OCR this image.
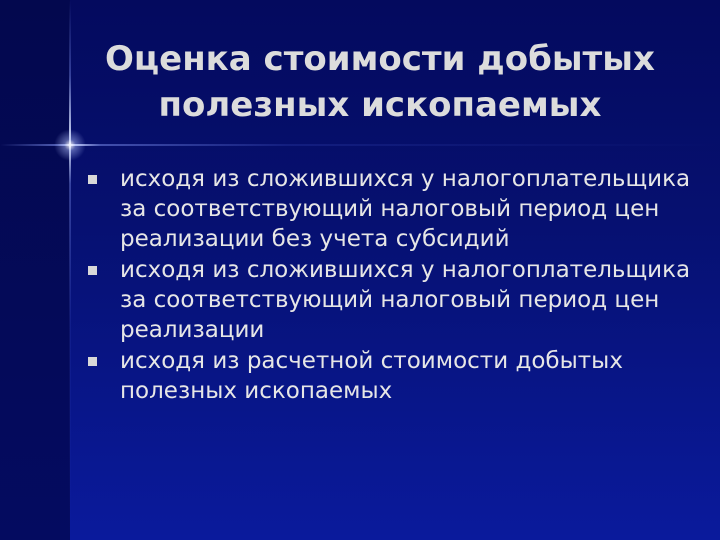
Оценка стоимости добытых
полезных ископаемых
исходя из сложившихся у налогоплательщика за соответствующий налоговый период цен реализации без учета субсидий
исходя из сложившихся у налогоплательщика за соответствующий налоговый период цен реализации
исходя из расчетной стоимости добытых полезных ископаемых
